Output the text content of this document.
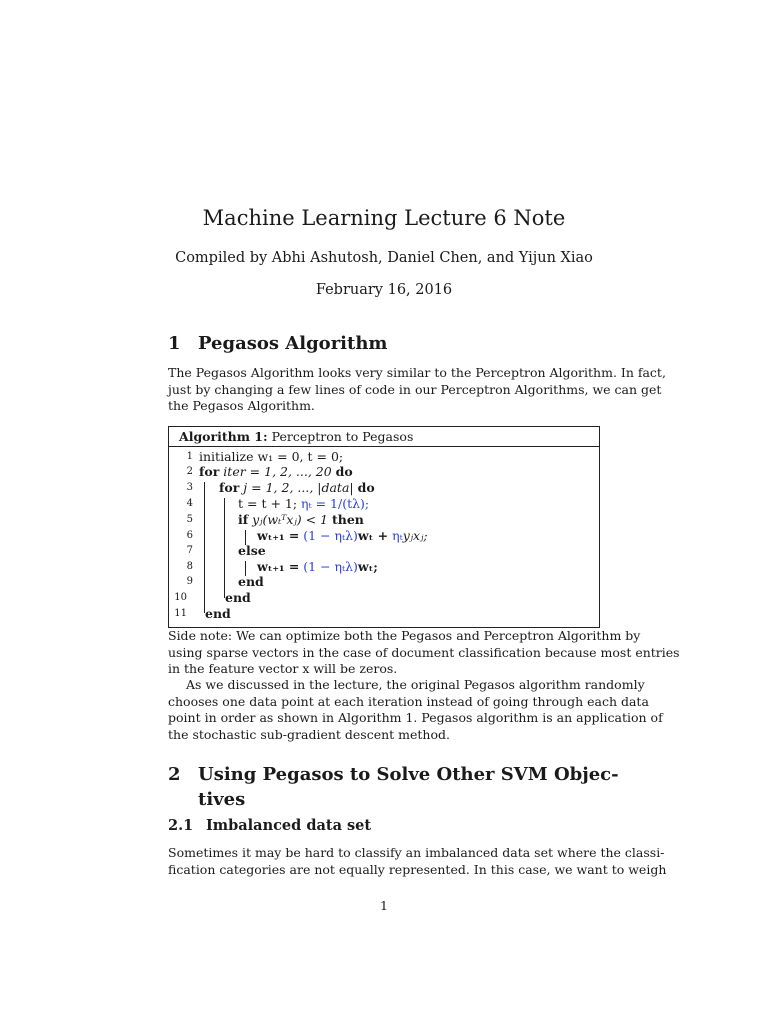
Machine Learning Lecture 6 Note
Compiled by Abhi Ashutosh, Daniel Chen, and Yijun Xiao
February 16, 2016
1 Pegasos Algorithm
The Pegasos Algorithm looks very similar to the Perceptron Algorithm. In fact,
just by changing a few lines of code in our Perceptron Algorithms, we can get
the Pegasos Algorithm.
Algorithm 1: Perceptron to Pegasos
1
2
3
4
5
6
7
8
9
10
11
initialize w₁ = 0, t = 0;
for iter = 1, 2, ..., 20 do
for j = 1, 2, ..., |data| do
t = t + 1; ηₜ = 1/(tλ);
if yⱼ(wₜᵀxⱼ) < 1 then
wₜ₊₁ = (1 − ηₜλ)wₜ + ηₜyⱼxⱼ;
else
wₜ₊₁ = (1 − ηₜλ)wₜ;
end
end
end
Side note: We can optimize both the Pegasos and Perceptron Algorithm by
using sparse vectors in the case of document classification because most entries
in the feature vector x will be zeros.
As we discussed in the lecture, the original Pegasos algorithm randomly
chooses one data point at each iteration instead of going through each data
point in order as shown in Algorithm 1. Pegasos algorithm is an application of
the stochastic sub-gradient descent method.
2 Using Pegasos to Solve Other SVM Objec-
tives
2.1 Imbalanced data set
Sometimes it may be hard to classify an imbalanced data set where the classi-
fication categories are not equally represented. In this case, we want to weigh
1
